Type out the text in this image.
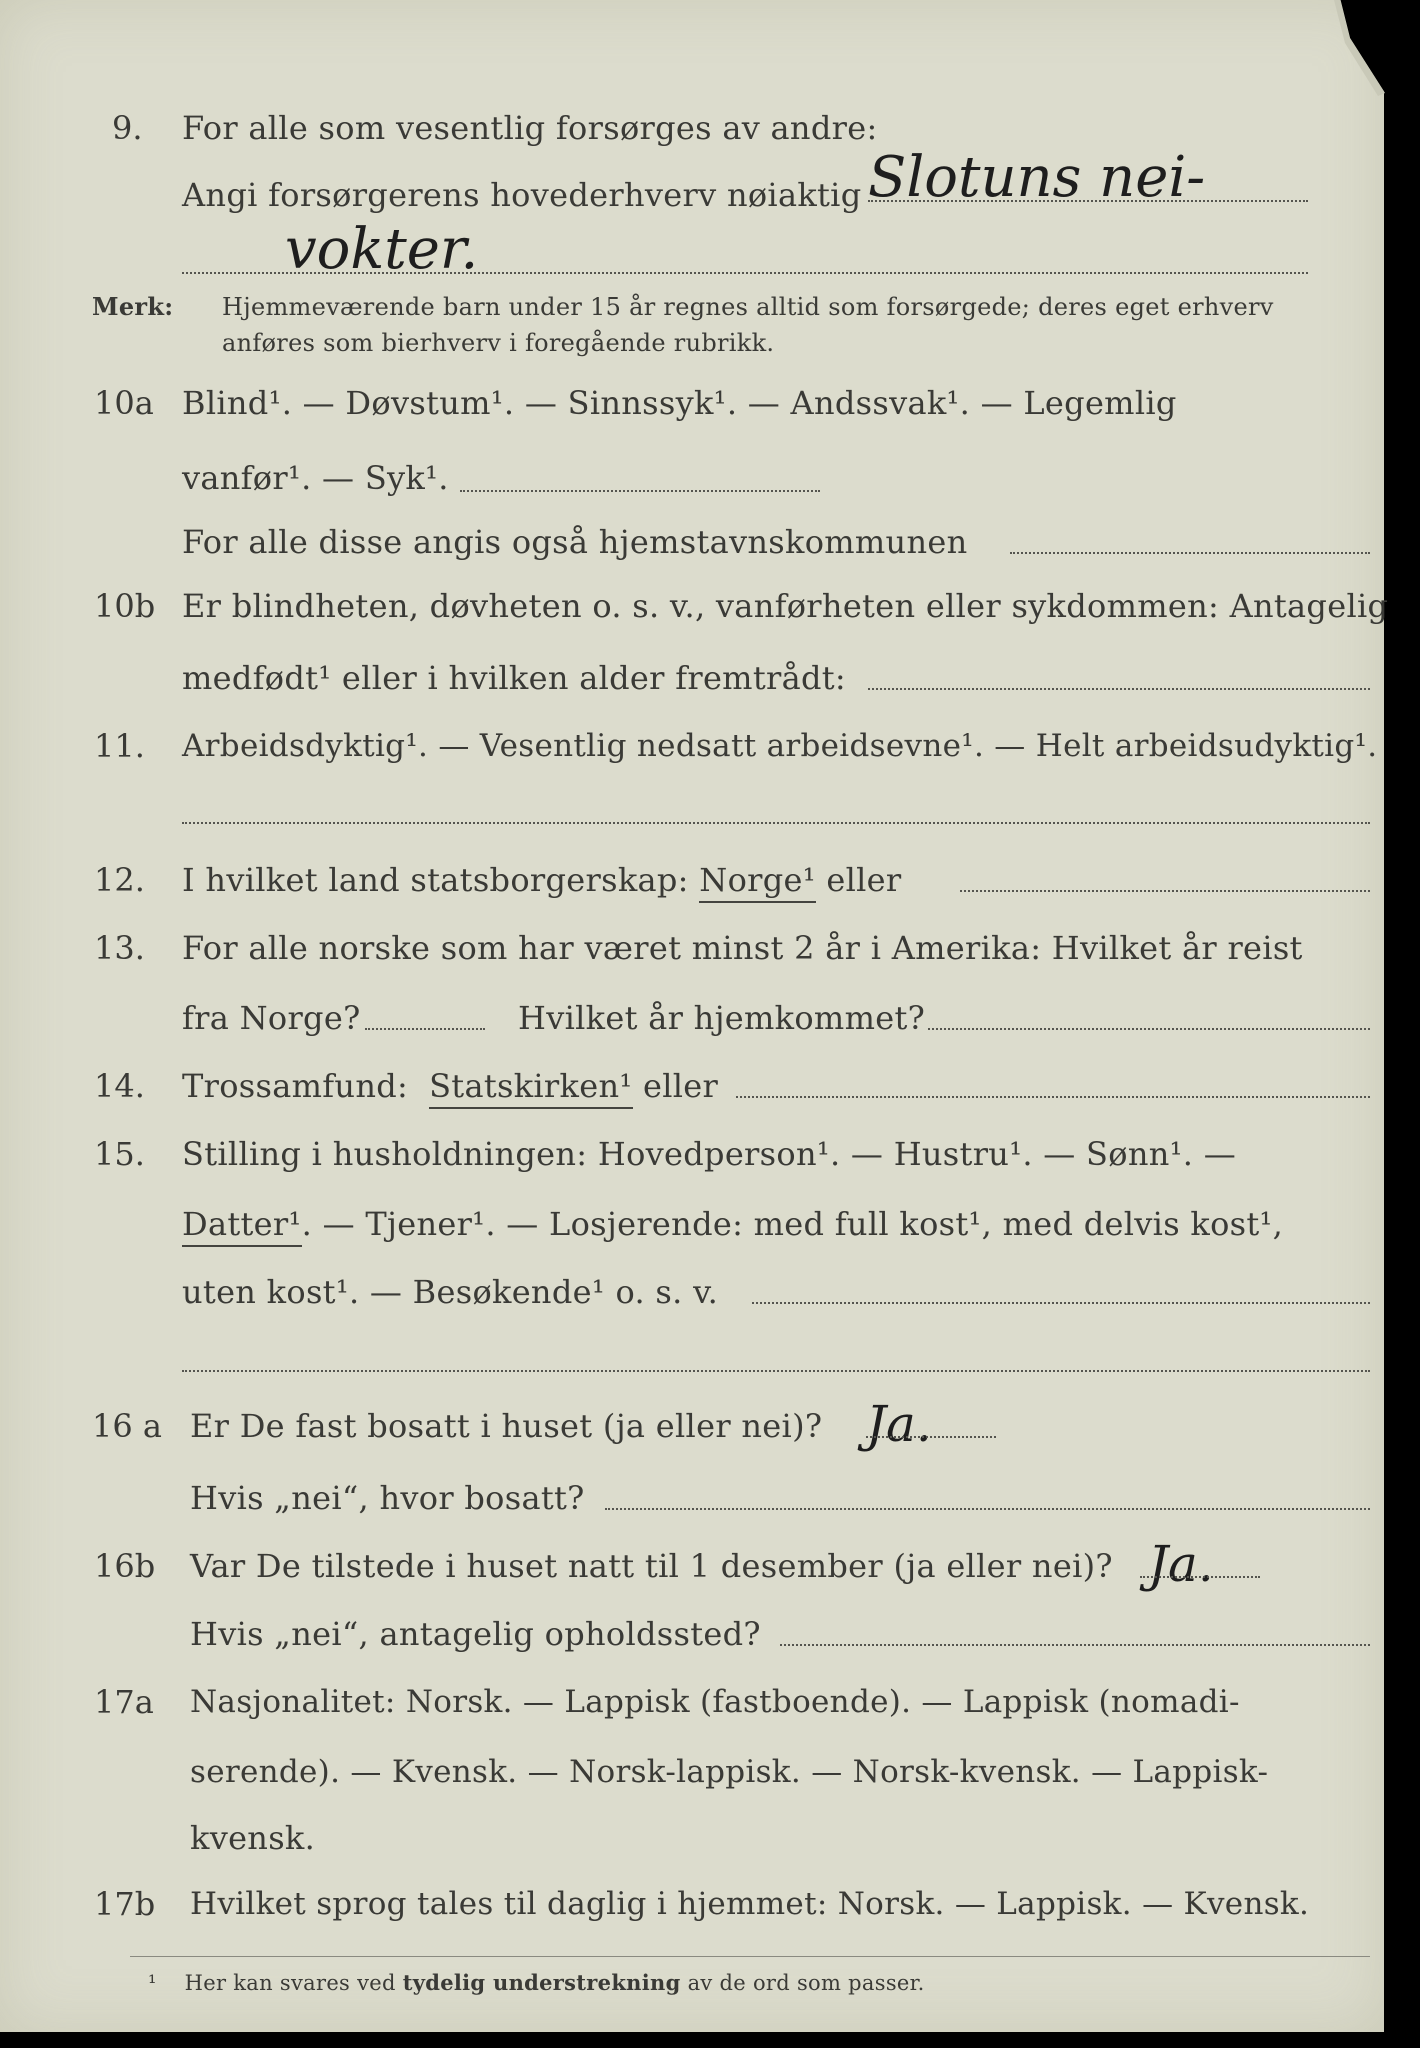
9. For alle som vesentlig forsørges av andre:
Angi forsørgerens hovederhverv nøiaktig Slotuns nei-
vokter.
Merk: Hjemmeværende barn under 15 år regnes alltid som forsørgede; deres eget erhverv
anføres som bierhverv i foregående rubrikk.
10a Blind¹. — Døvstum¹. — Sinnssyk¹. — Andssvak¹. — Legemlig
vanfør¹. — Syk¹.
For alle disse angis også hjemstavnskommunen
10b Er blindheten, døvheten o. s. v., vanførheten eller sykdommen: Antagelig
medfødt¹ eller i hvilken alder fremtrådt:
11. Arbeidsdyktig¹. — Vesentlig nedsatt arbeidsevne¹. — Helt arbeidsudyktig¹.
12. I hvilket land statsborgerskap: Norge¹ eller
13. For alle norske som har været minst 2 år i Amerika: Hvilket år reist
fra Norge?	Hvilket år hjemkommet?
14. Trossamfund: Statskirken¹ eller
15. Stilling i husholdningen: Hovedperson¹. — Hustru¹. — Sønn¹. —
Datter¹. — Tjener¹. — Losjerende: med full kost¹, med delvis kost¹,
uten kost¹. — Besøkende¹ o. s. v.
16 a Er De fast bosatt i huset (ja eller nei)? Ja.
Hvis „nei“, hvor bosatt?
16b Var De tilstede i huset natt til 1 desember (ja eller nei)? Ja.
Hvis „nei“, antagelig opholdssted?
17a Nasjonalitet: Norsk. — Lappisk (fastboende). — Lappisk (nomadi-
serende). — Kvensk. — Norsk-lappisk. — Norsk-kvensk. — Lappisk-
kvensk.
17b Hvilket sprog tales til daglig i hjemmet: Norsk. — Lappisk. — Kvensk.
¹ Her kan svares ved tydelig understrekning av de ord som passer.
